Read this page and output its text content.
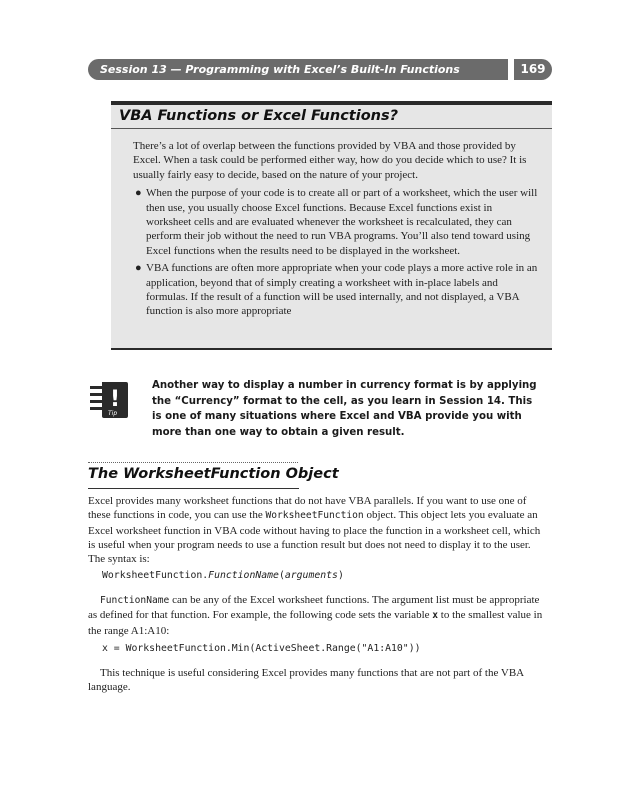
Session 13 — Programming with Excel’s Built-In Functions	169
VBA Functions or Excel Functions?

There’s a lot of overlap between the functions provided by VBA and those provided by Excel. When a task could be performed either way, how do you decide which to use? It is usually fairly easy to decide, based on the nature of your project.

● When the purpose of your code is to create all or part of a worksheet, which the user will then use, you usually choose Excel functions. Because Excel functions exist in worksheet cells and are evaluated whenever the worksheet is recalculated, they can perform their job without the need to run VBA programs. You’ll also tend toward using Excel functions when the results need to be displayed in the worksheet.
● VBA functions are often more appropriate when your code plays a more active role in an application, beyond that of simply creating a worksheet with in-place labels and formulas. If the result of a function will be used internally, and not displayed, a VBA function is also more appropriate
!
Tip
Another way to display a number in currency format is by applying the “Currency” format to the cell, as you learn in Session 14. This is one of many situations where Excel and VBA provide you with more than one way to obtain a given result.
The WorksheetFunction Object

Excel provides many worksheet functions that do not have VBA parallels. If you want to use one of these functions in code, you can use the WorksheetFunction object. This object lets you evaluate an Excel worksheet function in VBA code without having to place the function in a worksheet cell, which is useful when your program needs to use a function result but does not need to display it to the user. The syntax is:

WorksheetFunction.FunctionName(arguments)

FunctionName can be any of the Excel worksheet functions. The argument list must be appropriate as defined for that function. For example, the following code sets the variable x to the smallest value in the range A1:A10:

x = WorksheetFunction.Min(ActiveSheet.Range("A1:A10"))

This technique is useful considering Excel provides many functions that are not part of the VBA language.
